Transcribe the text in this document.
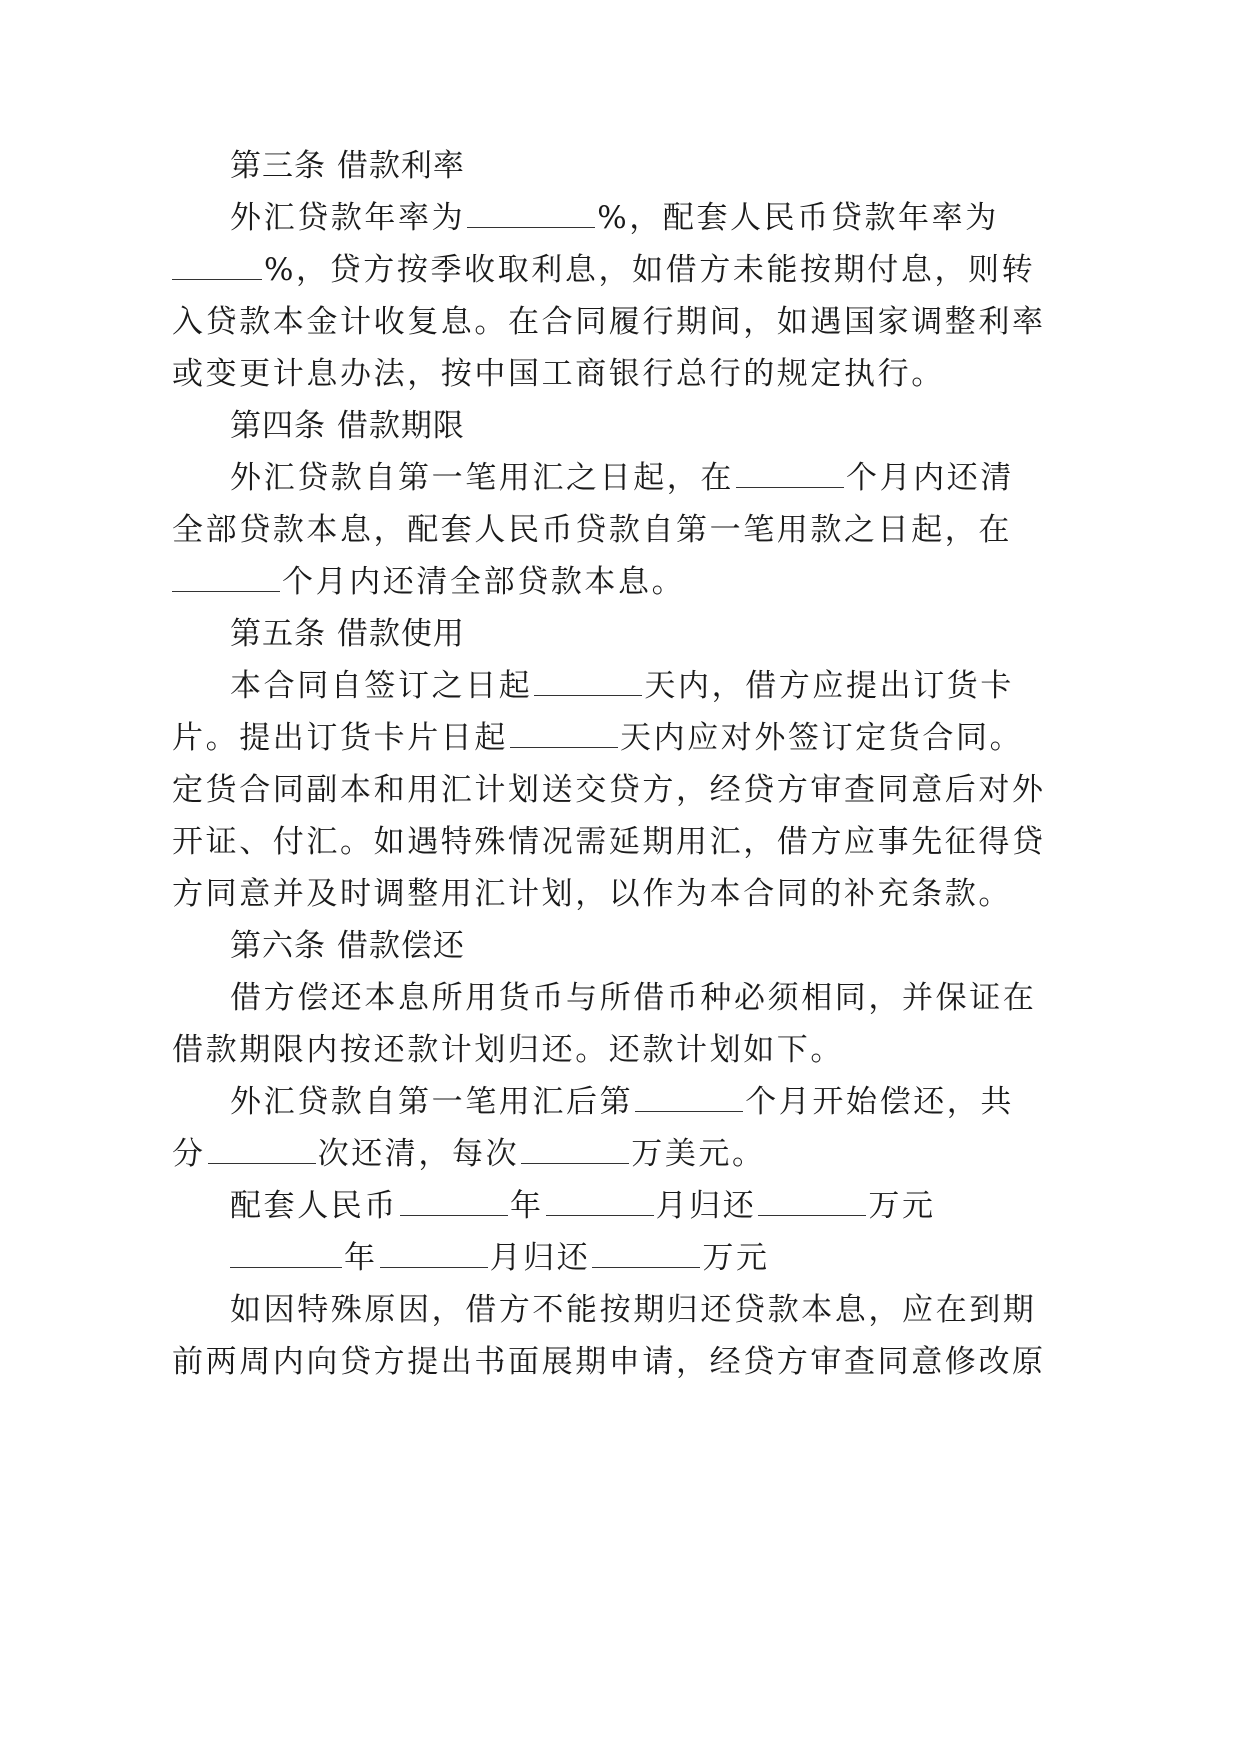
第三条 借款利率

外汇贷款年率为	%，配套人民币贷款年率为

%，贷方按季收取利息，如借方未能按期付息，则转

入贷款本金计收复息。在合同履行期间，如遇国家调整利率

或变更计息办法，按中国工商银行总行的规定执行。

第四条 借款期限

外汇贷款自第一笔用汇之日起，在	个月内还清

全部贷款本息，配套人民币贷款自第一笔用款之日起，在

个月内还清全部贷款本息。

第五条 借款使用

本合同自签订之日起	天内，借方应提出订货卡

片。提出订货卡片日起	天内应对外签订定货合同。

定货合同副本和用汇计划送交贷方，经贷方审查同意后对外

开证、付汇。如遇特殊情况需延期用汇，借方应事先征得贷

方同意并及时调整用汇计划，以作为本合同的补充条款。

第六条 借款偿还

借方偿还本息所用货币与所借币种必须相同，并保证在

借款期限内按还款计划归还。还款计划如下。

外汇贷款自第一笔用汇后第	个月开始偿还，共

分	次还清，每次	万美元。

配套人民币	年	月归还	万元

年	月归还	万元

如因特殊原因，借方不能按期归还贷款本息，应在到期

前两周内向贷方提出书面展期申请，经贷方审查同意修改原
